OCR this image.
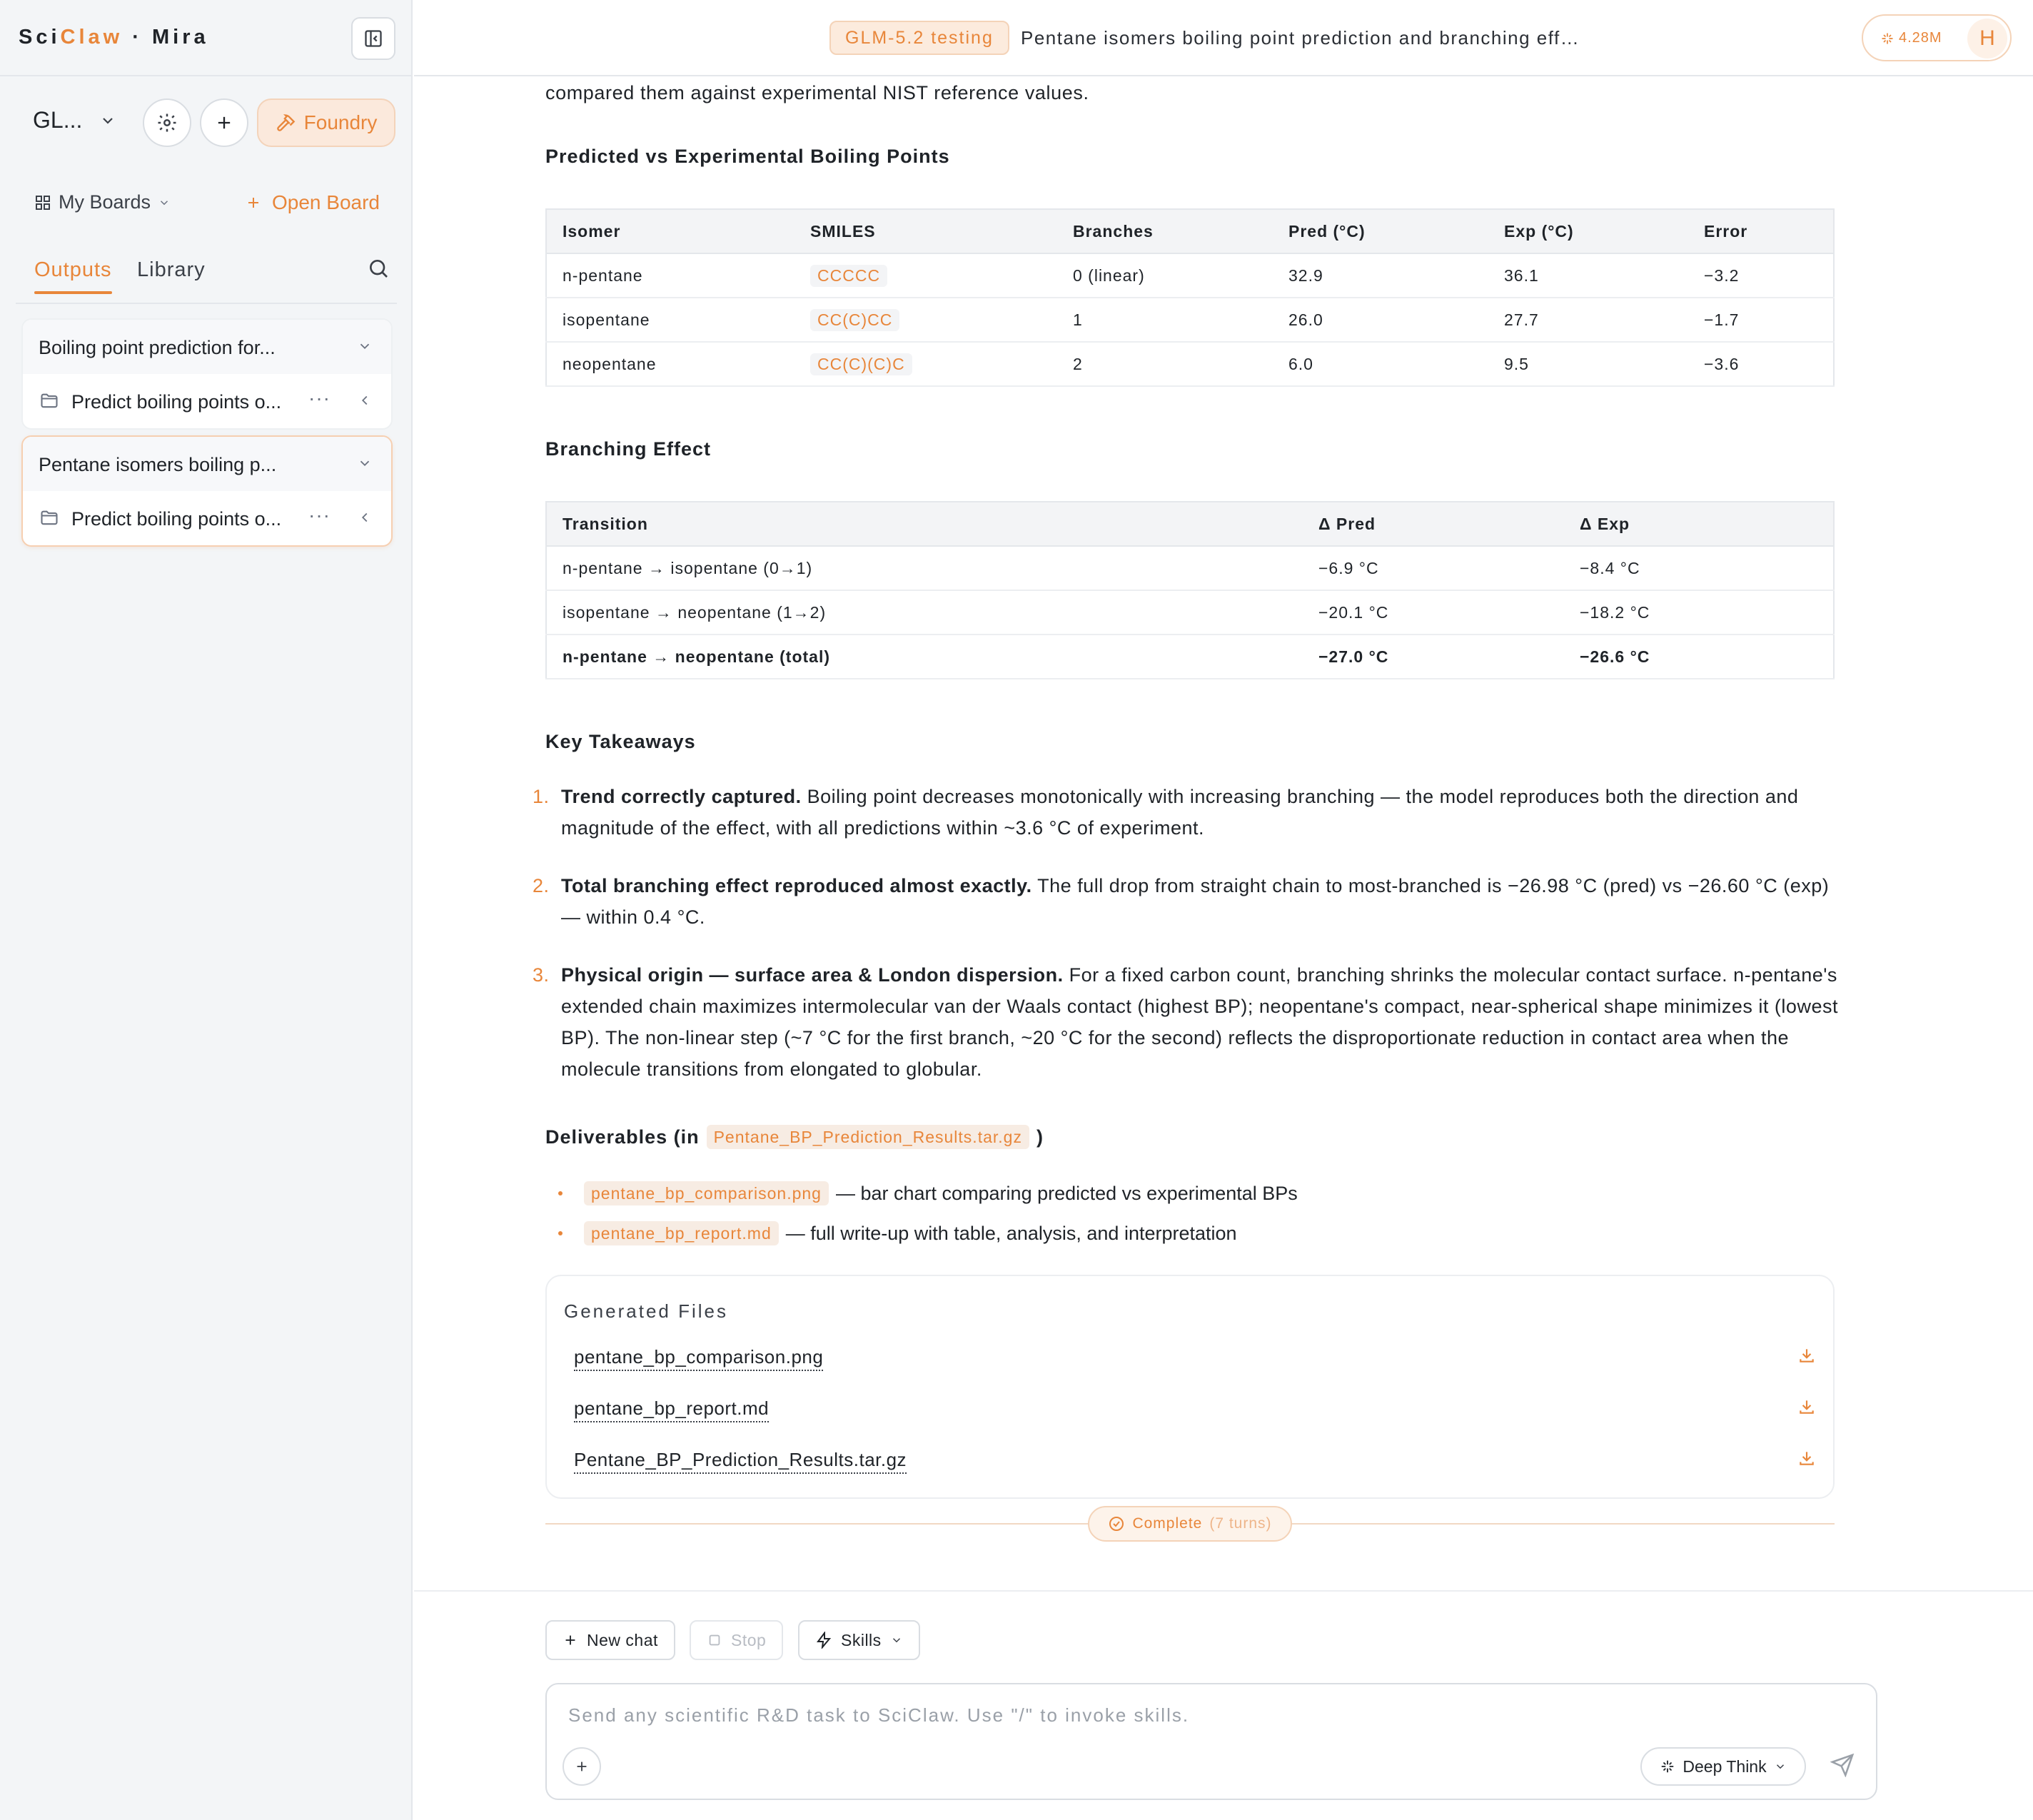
SciClaw · Mira
GL...	Foundry
My Boards	Open Board
Outputs Library
Boiling point prediction for...
Predict boiling points o... ···
Pentane isomers boiling p...
Predict boiling points o... ···
GLM-5.2 testing	Pentane isomers boiling point prediction and branching eff…	4.28M	H

compared them against experimental NIST reference values.

Predicted vs Experimental Boiling Points
Isomer	SMILES	Branches	Pred (°C)	Exp (°C)	Error
n-pentane	CCCCC	0 (linear)	32.9	36.1	−3.2
isopentane	CC(C)CC	1	26.0	27.7	−1.7
neopentane	CC(C)(C)C	2	6.0	9.5	−3.6
Branching Effect
Transition	Δ Pred	Δ Exp
n-pentane → isopentane (0→1)	−6.9 °C	−8.4 °C
isopentane → neopentane (1→2)	−20.1 °C	−18.2 °C
n-pentane → neopentane (total)	−27.0 °C	−26.6 °C
Key Takeaways
1. Trend correctly captured. Boiling point decreases monotonically with increasing branching — the model reproduces both the direction and magnitude of the effect, with all predictions within ~3.6 °C of experiment.
2. Total branching effect reproduced almost exactly. The full drop from straight chain to most-branched is −26.98 °C (pred) vs −26.60 °C (exp) — within 0.4 °C.
3. Physical origin — surface area & London dispersion. For a fixed carbon count, branching shrinks the molecular contact surface. n-pentane's extended chain maximizes intermolecular van der Waals contact (highest BP); neopentane's compact, near-spherical shape minimizes it (lowest BP). The non-linear step (~7 °C for the first branch, ~20 °C for the second) reflects the disproportionate reduction in contact area when the molecule transitions from elongated to globular.
Deliverables (in Pentane_BP_Prediction_Results.tar.gz )
pentane_bp_comparison.png — bar chart comparing predicted vs experimental BPs
pentane_bp_report.md — full write-up with table, analysis, and interpretation
Generated Files
pentane_bp_comparison.png
pentane_bp_report.md
Pentane_BP_Prediction_Results.tar.gz
Complete (7 turns)
New chat	Stop	Skills
Send any scientific R&D task to SciClaw. Use "/" to invoke skills.
Deep Think
